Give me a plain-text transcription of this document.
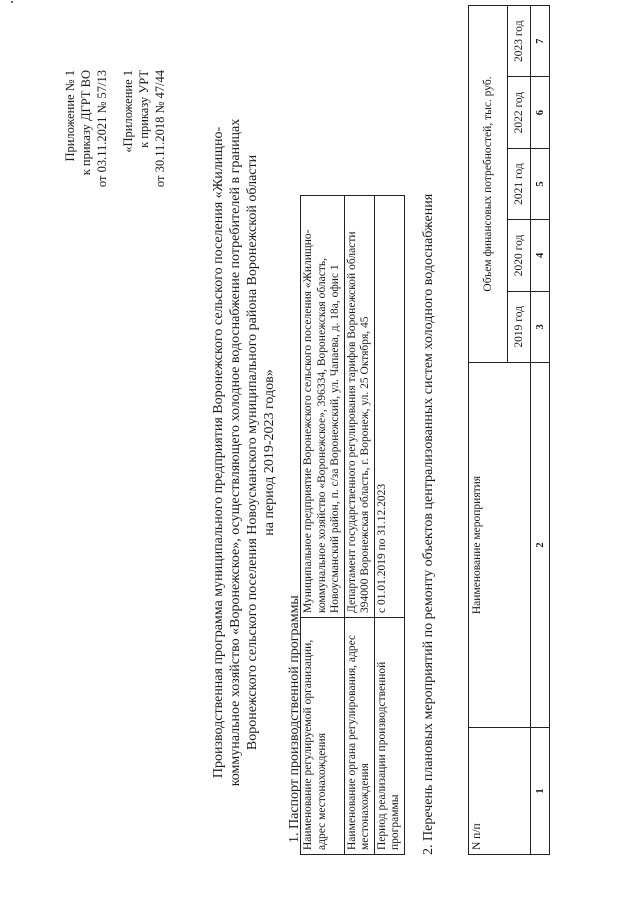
.
Приложение № 1 к приказу ДГРТ ВО от 03.11.2021 № 57/13 «Приложение 1 к приказу УРТ от 30.11.2018 № 47/44	Производственная программа муниципального предприятия Воронежского сельского поселения «Жилищно- коммунальное хозяйство «Воронежское», осуществляющего холодное водоснабжение потребителей в границах Воронежского сельского поселения Новоусманского муниципального района Воронежской области на период 2019-2023 годов»
1. Паспорт производственной программы Наименование регулируемой организации, адрес местонахождения	Муниципальное предприятие Воронежского сельского поселения «Жилищно-коммунальное хозяйство «Воронежское», 396334, Воронежская область, Новоусманский район, п. с/за Воронежский, ул. Чапаева, д. 18а, офис 1
Наименование органа регулирования, адрес местонахождения	Департамент государственного регулирования тарифов Воронежской области 394000 Воронежская область, г. Воронеж, ул. 25 Октября, 45
Период реализации производственной программы	с 01.01.2019 по 31.12.2023 2. Перечень плановых мероприятий по ремонту объектов централизованных систем холодного водоснабжения	N п/п	Наименование мероприятия	Объем финансовых потребностей, тыс. руб.				
		2019 год	2020 год	2021 год	2022 год	2023 год
1	2	3	4	5	6	7
